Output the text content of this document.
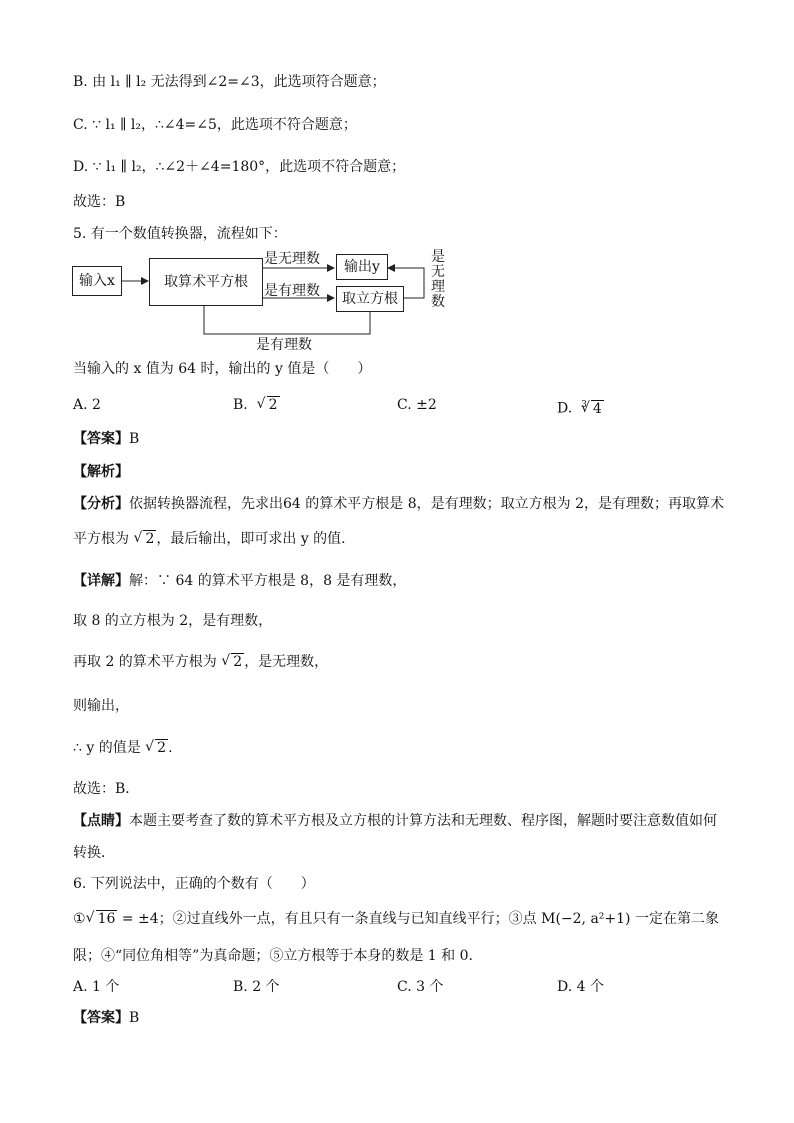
B. 由 l₁ ∥ l₂ 无法得到∠2=∠3，此选项符合题意；
C. ∵ l₁ ∥ l₂，∴∠4=∠5，此选项不符合题意；
D. ∵ l₁ ∥ l₂，∴∠2＋∠4=180°，此选项不符合题意；
故选：B
5. 有一个数值转换器，流程如下：
输入x	取算术平方根
输出y
取立方根
是无理数
是有理数
是有理数
是
无
理
数
当输入的 x 值为 64 时，输出的 y 值是（　　）
A. 2	B. √ 2	C. ±2	D. $^3$ √ 4
【答案】B
【解析】
【分析】依据转换器流程，先求出64 的算术平方根是 8，是有理数；取立方根为 2，是有理数；再取算术
平方根为 √ 2 ，最后输出，即可求出 y 的值.
【详解】解：∵ 64 的算术平方根是 8，8 是有理数，
取 8 的立方根为 2，是有理数，
再取 2 的算术平方根为 √ 2 ，是无理数，
则输出，
∴ y 的值是 √ 2 .
故选：B．
【点睛】本题主要考查了数的算术平方根及立方根的计算方法和无理数、程序图，解题时要注意数值如何
转换．
6. 下列说法中，正确的个数有（　　）
① √ 16 = ±4；②过直线外一点，有且只有一条直线与已知直线平行；③点 M(−2, a²+1) 一定在第二象
限；④“同位角相等”为真命题；⑤立方根等于本身的数是 1 和 0.
A. 1 个	B. 2 个	C. 3 个	D. 4 个
【答案】B
